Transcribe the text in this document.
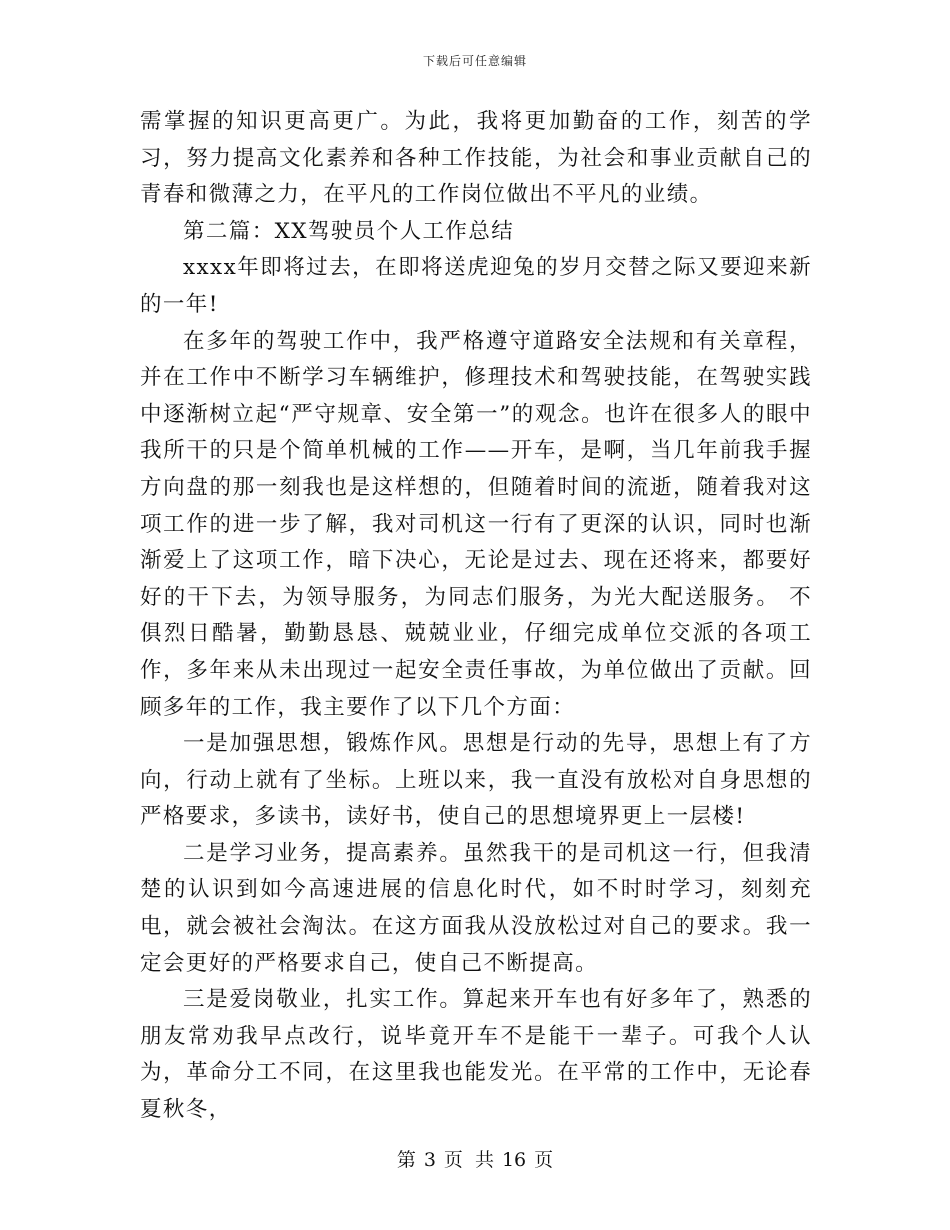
下载后可任意编辑

需掌握的知识更高更广。为此，我将更加勤奋的工作，刻苦的学习，努力提高文化素养和各种工作技能，为社会和事业贡献自己的青春和微薄之力，在平凡的工作岗位做出不平凡的业绩。

第二篇：XX驾驶员个人工作总结

xxxx年即将过去，在即将送虎迎兔的岁月交替之际又要迎来新的一年!

在多年的驾驶工作中，我严格遵守道路安全法规和有关章程，并在工作中不断学习车辆维护，修理技术和驾驶技能，在驾驶实践中逐渐树立起“严守规章、安全第一”的观念。也许在很多人的眼中我所干的只是个简单机械的工作——开车，是啊，当几年前我手握方向盘的那一刻我也是这样想的，但随着时间的流逝，随着我对这项工作的进一步了解，我对司机这一行有了更深的认识，同时也渐渐爱上了这项工作，暗下决心，无论是过去、现在还将来，都要好好的干下去，为领导服务，为同志们服务，为光大配送服务。 不俱烈日酷暑，勤勤恳恳、兢兢业业，仔细完成单位交派的各项工作，多年来从未出现过一起安全责任事故，为单位做出了贡献。回顾多年的工作，我主要作了以下几个方面：

一是加强思想，锻炼作风。思想是行动的先导，思想上有了方向，行动上就有了坐标。上班以来，我一直没有放松对自身思想的严格要求，多读书，读好书，使自己的思想境界更上一层楼!

二是学习业务，提高素养。虽然我干的是司机这一行，但我清楚的认识到如今高速进展的信息化时代，如不时时学习，刻刻充电，就会被社会淘汰。在这方面我从没放松过对自己的要求。我一定会更好的严格要求自己，使自己不断提高。

三是爱岗敬业，扎实工作。算起来开车也有好多年了，熟悉的朋友常劝我早点改行，说毕竟开车不是能干一辈子。可我个人认为，革命分工不同，在这里我也能发光。在平常的工作中，无论春夏秋冬，

第 3 页 共 16 页
